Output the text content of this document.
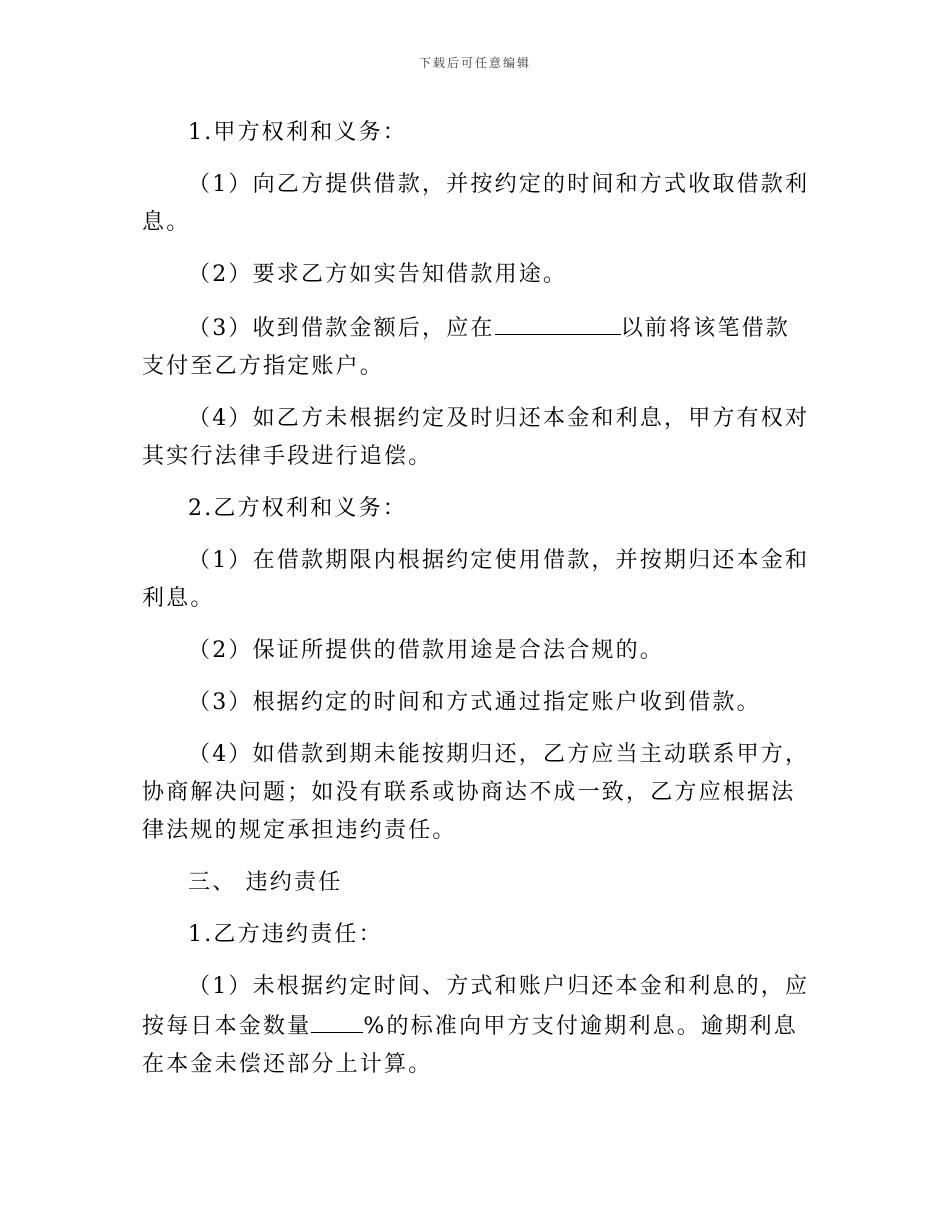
下载后可任意编辑

1.甲方权利和义务：

（1）向乙方提供借款，并按约定的时间和方式收取借款利息。

（2）要求乙方如实告知借款用途。

（3）收到借款金额后，应在	以前将该笔借款支付至乙方指定账户。

（4）如乙方未根据约定及时归还本金和利息，甲方有权对其实行法律手段进行追偿。

2.乙方权利和义务：

（1）在借款期限内根据约定使用借款，并按期归还本金和利息。

（2）保证所提供的借款用途是合法合规的。

（3）根据约定的时间和方式通过指定账户收到借款。

（4）如借款到期未能按期归还，乙方应当主动联系甲方，协商解决问题；如没有联系或协商达不成一致，乙方应根据法律法规的规定承担违约责任。

三、 违约责任

1.乙方违约责任：

（1）未根据约定时间、方式和账户归还本金和利息的，应按每日本金数量 %的标准向甲方支付逾期利息。逾期利息在本金未偿还部分上计算。
